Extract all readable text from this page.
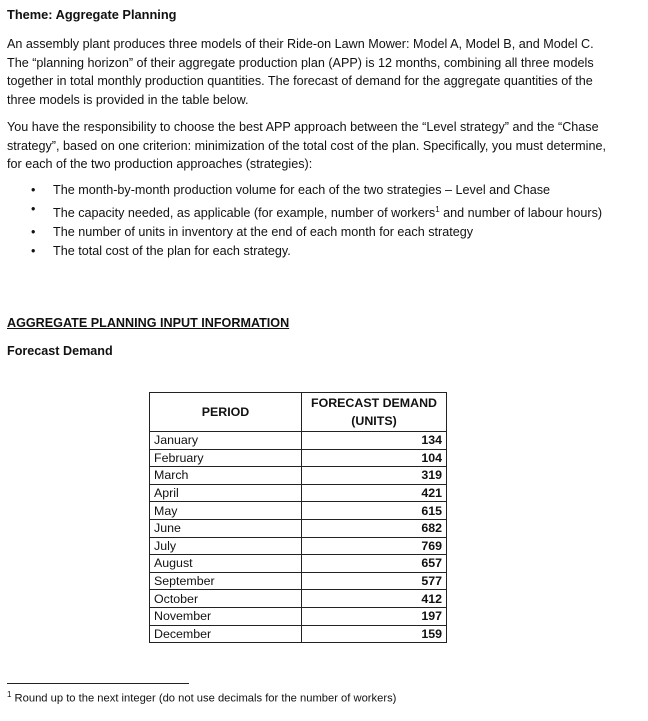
Theme: Aggregate Planning
An assembly plant produces three models of their Ride-on Lawn Mower: Model A, Model B, and Model C. The “planning horizon” of their aggregate production plan (APP) is 12 months, combining all three models together in total monthly production quantities. The forecast of demand for the aggregate quantities of the three models is provided in the table below.
You have the responsibility to choose the best APP approach between the “Level strategy” and the “Chase strategy”, based on one criterion: minimization of the total cost of the plan. Specifically, you must determine, for each of the two production approaches (strategies):
• The month-by-month production volume for each of the two strategies – Level and Chase
• The capacity needed, as applicable (for example, number of workers$^1$ and number of labour hours)
• The number of units in inventory at the end of each month for each strategy
• The total cost of the plan for each strategy.
AGGREGATE PLANNING INPUT INFORMATION
Forecast Demand
PERIOD	FORECAST DEMAND (UNITS)
January	134
February	104
March	319
April	421
May	615
June	682
July	769
August	657
September	577
October	412
November	197
December	159
$^1$ Round up to the next integer (do not use decimals for the number of workers)
